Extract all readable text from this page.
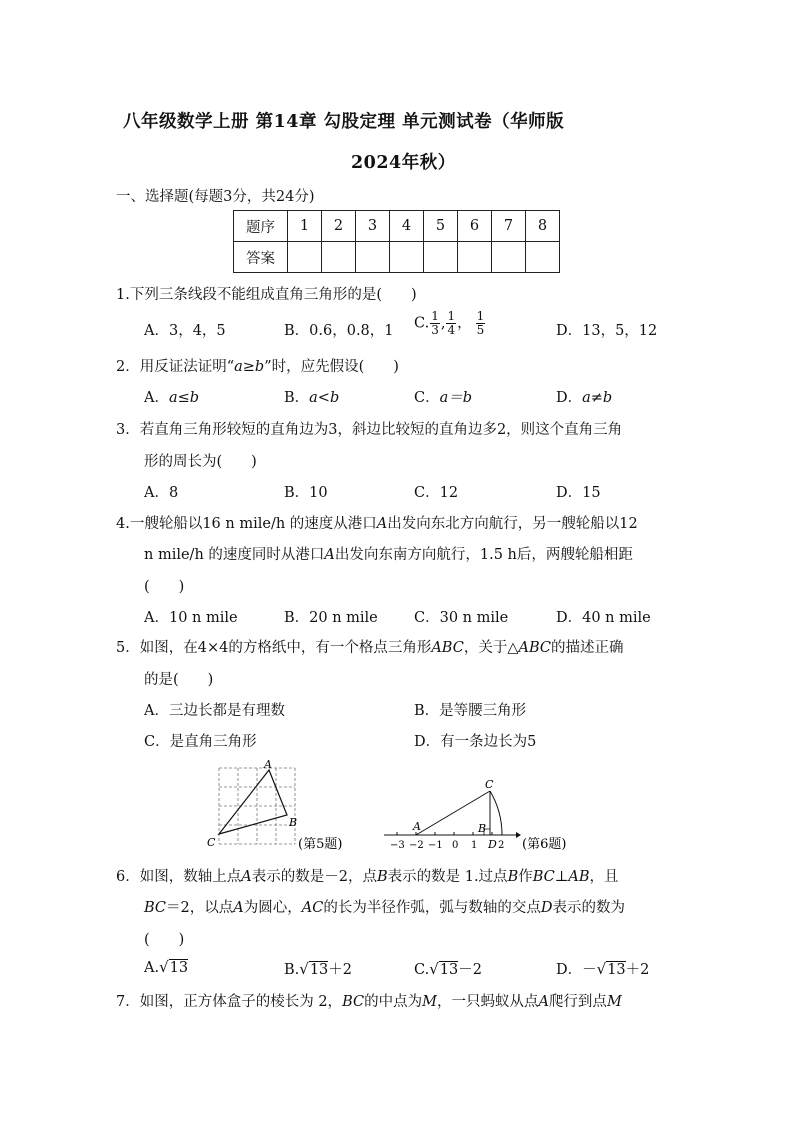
八年级数学上册 第14章 勾股定理 单元测试卷（华师版
2024年秋）
一、选择题(每题3分，共24分)
题序	1	2	3	4	5	6	7	8
答案								
1.下列三条线段不能组成直角三角形的是(　　)
A．3，4，5	B．0.6，0.8，1 C. $\frac{1}{3}$ , $\frac{1}{4}$ ， $\frac{1}{5}$	D．13，5，12
2．用反证法证明“a≥b”时，应先假设(　　)
A．a≤b	B．a<b	C．a＝b	D．a≠b
3．若直角三角形较短的直角边为3，斜边比较短的直角边多2，则这个直角三角
形的周长为(　　)
A．8	B．10	C．12	D．15
4.一艘轮船以16 n mile/h 的速度从港口A出发向东北方向航行，另一艘轮船以12
n mile/h 的速度同时从港口A出发向东南方向航行，1.5 h后，两艘轮船相距
(　　)
A．10 n mile	B．20 n mile C．30 n mile	D．40 n mile
5．如图，在4×4的方格纸中，有一个格点三角形ABC，关于△ABC的描述正确
的是(　　)
A．三边长都是有理数	B．是等腰三角形
C．是直角三角形	D．有一条边长为5
A
B
C	(第5题)
C
A	B
−3 −2 −1 0 1 2
D (第6题)
6．如图，数轴上点A表示的数是－2，点B表示的数是 1.过点B作BC⊥AB，且
BC＝2，以点A为圆心，AC的长为半径作弧，弧与数轴的交点D表示的数为
(　　)
A.√13	B.√13＋2	C.√13－2	D．－√13＋2
7．如图，正方体盒子的棱长为 2，BC的中点为M，一只蚂蚁从点A爬行到点M
